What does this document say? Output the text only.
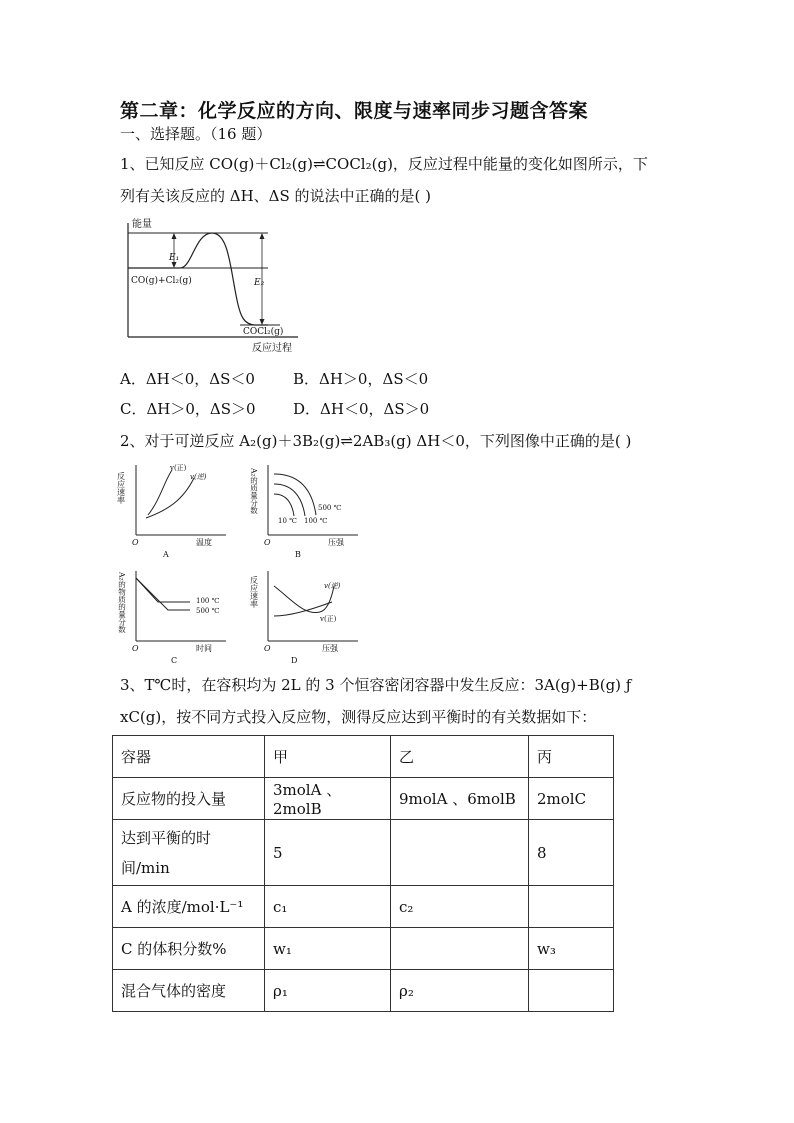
第二章：化学反应的方向、限度与速率同步习题含答案
一、选择题。（16 题）
1、已知反应 CO(g)＋Cl₂(g)⇌COCl₂(g)，反应过程中能量的变化如图所示，下
列有关该反应的 ΔH、ΔS 的说法中正确的是( )
能量
反应过程
E₁
E₂
CO(g)+Cl₂(g)
COCl₂(g)
A．ΔH＜0，ΔS＜0	B．ΔH＞0，ΔS＜0
C．ΔH＞0，ΔS＞0 D．ΔH＜0，ΔS＞0
2、对于可逆反应 A₂(g)＋3B₂(g)⇌2AB₃(g) ΔH＜0，下列图像中正确的是( )
反应速率
O	温度
v(正)
v(逆)
A
A₂的质量分数
O	压强
500 ℃
100 ℃
10 ℃
B
A₂的物质的量分数
O	时间
100 ℃
500 ℃
C
反应速率
O	压强
v(逆)
v(正)
D
3、T℃时，在容积均为 2L 的 3 个恒容密闭容器中发生反应：3A(g)+B(g) ƒ
xC(g)，按不同方式投入反应物，测得反应达到平衡时的有关数据如下：
容器	甲	乙	丙
反应物的投入量	3molA 、2molB	9molA 、6molB	2molC
达到平衡的时间/min	5		8
A 的浓度/mol·L⁻¹	c₁	c₂	
C 的体积分数%	w₁		w₃
混合气体的密度	ρ₁	ρ₂	
